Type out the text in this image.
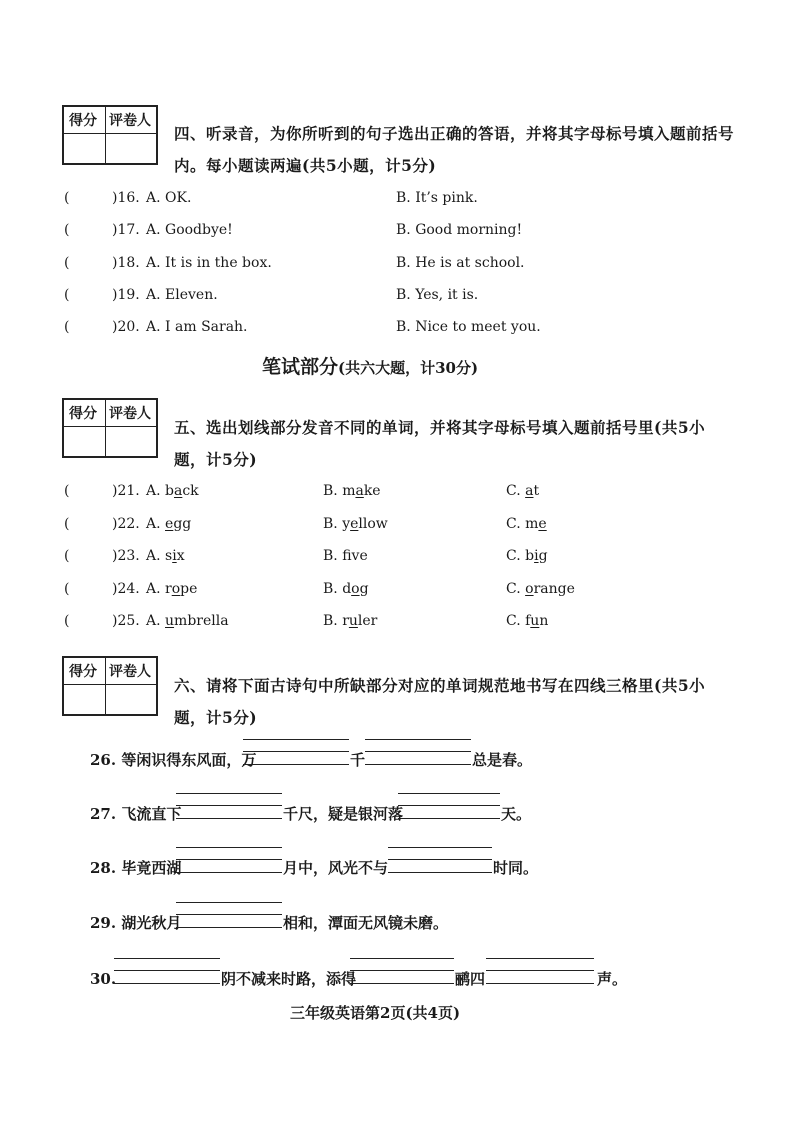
得分 评卷人
四、听录音，为你所听到的句子选出正确的答语，并将其字母标号填入题前括号
内。每小题读两遍(共5小题，计5分)
(	)16. A. OK.	B. It’s pink.
(	)17. A. Goodbye!	B. Good morning!
(	)18. A. It is in the box.	B. He is at school.
(	)19. A. Eleven.	B. Yes, it is.
(	)20. A. I am Sarah.	B. Nice to meet you.
笔试部分(共六大题，计30分)
得分 评卷人
五、选出划线部分发音不同的单词，并将其字母标号填入题前括号里(共5小
题，计5分)
(	)21. A. back	B. make	C. at
(	)22. A. egg	B. yellow	C. me
(	)23. A. six	B. fve	C. big
(	)24. A. rope	B. dog	C. orange
(	)25. A. umbrella	B. ruler	C. fun
得分 评卷人
六、请将下面古诗句中所缺部分对应的单词规范地书写在四线三格里(共5小
题，计5分)
26. 等闲识得东风面，万	千	总是春。
27. 飞流直下	千尺，疑是银河落	天。
28. 毕竟西湖	月中，风光不与	时同。
29. 湖光秋月	相和，潭面无风镜未磨。
30.	阴不减来时路，添得	鹂四	声。
三年级英语第2页(共4页)
